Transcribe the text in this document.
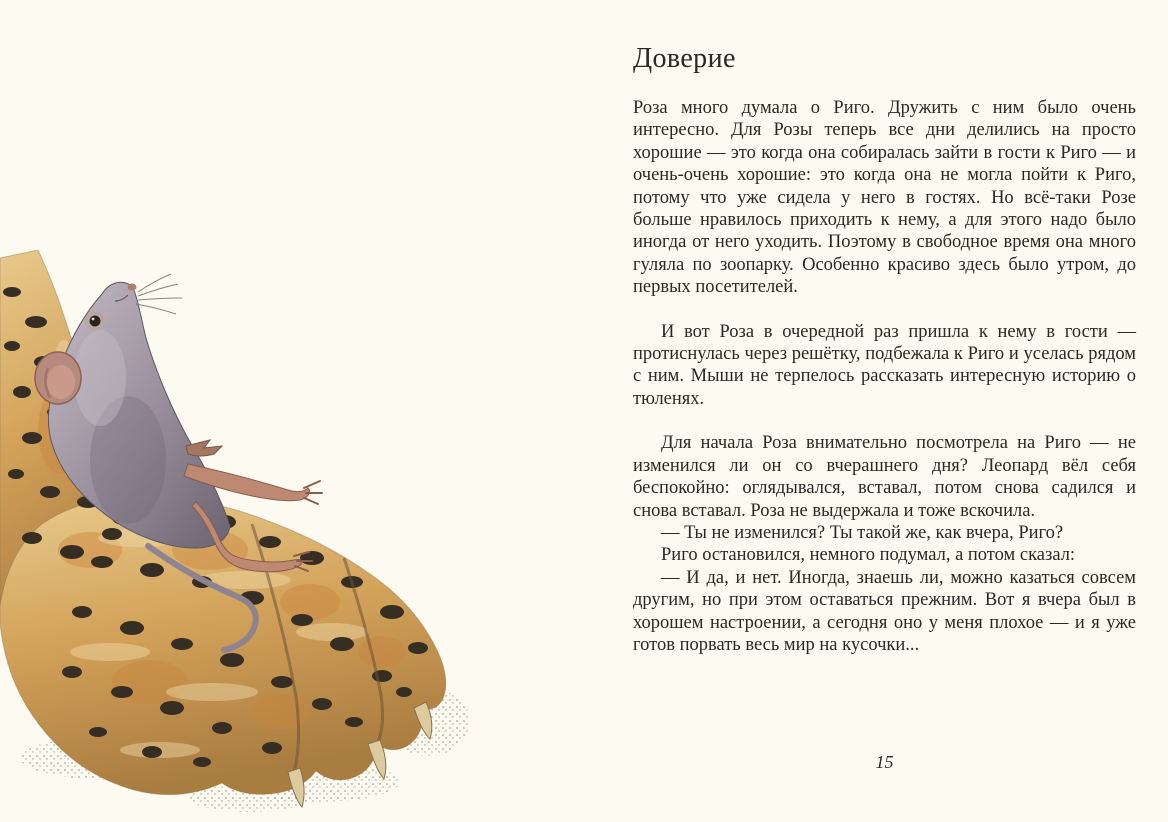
Доверие

Роза много думала о Риго. Дружить с ним было очень интересно. Для Розы теперь все дни делились на просто хорошие — это когда она собиралась зайти в гости к Риго — и очень-очень хорошие: это когда она не могла пойти к Риго, потому что уже сидела у него в гостях. Но всё-таки Розе больше нравилось приходить к нему, а для этого надо было иногда от него уходить. Поэтому в свободное время она много гуляла по зоопарку. Особенно красиво здесь было утром, до первых посетителей.

И вот Роза в очередной раз пришла к нему в гости — протиснулась через решётку, подбежала к Риго и уселась рядом с ним. Мыши не терпелось рассказать интересную историю о тюленях.

Для начала Роза внимательно посмотрела на Риго — не изменился ли он со вчерашнего дня? Леопард вёл себя беспокойно: оглядывался, вставал, потом снова садился и снова вставал. Роза не выдержала и тоже вскочила.

— Ты не изменился? Ты такой же, как вчера, Риго?

Риго остановился, немного подумал, а потом сказал:

— И да, и нет. Иногда, знаешь ли, можно казаться совсем другим, но при этом оставаться прежним. Вот я вчера был в хорошем настроении, а сегодня оно у меня плохое — и я уже готов порвать весь мир на кусочки...

15
